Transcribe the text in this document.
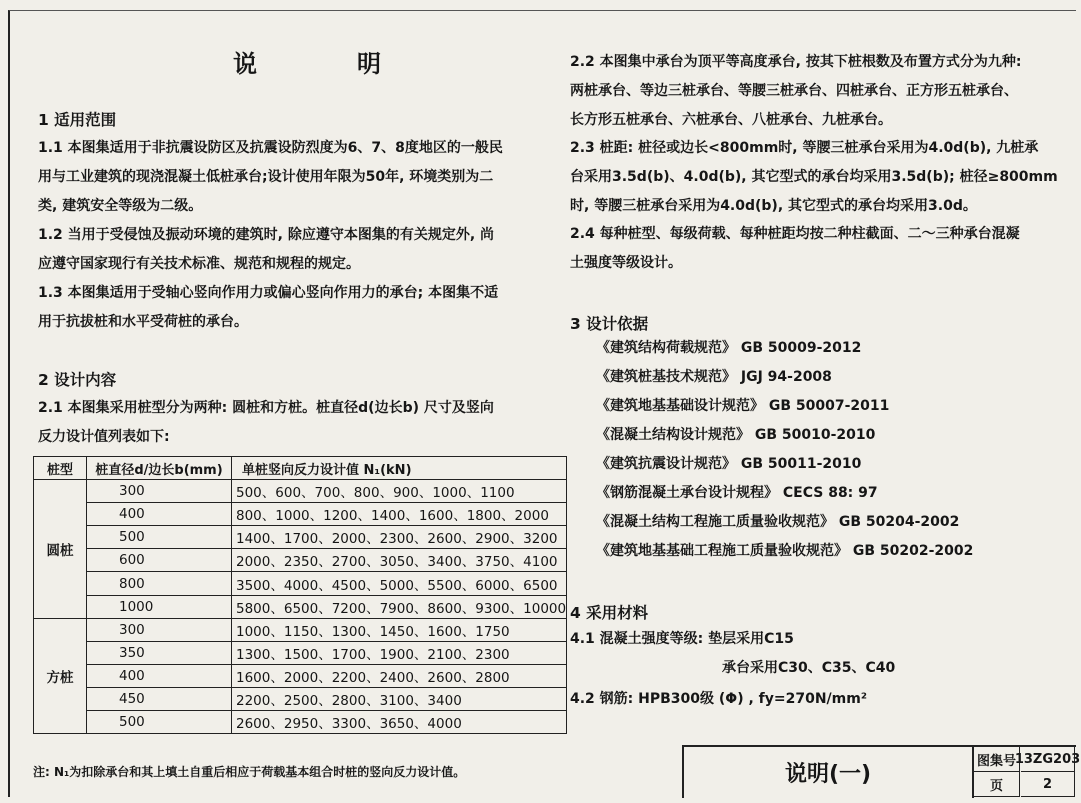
说　明
1 适用范围
1.1 本图集适用于非抗震设防区及抗震设防烈度为6、7、8度地区的一般民
用与工业建筑的现浇混凝土低桩承台;设计使用年限为50年, 环境类别为二
类, 建筑安全等级为二级。
1.2 当用于受侵蚀及振动环境的建筑时, 除应遵守本图集的有关规定外, 尚
应遵守国家现行有关技术标准、规范和规程的规定。
1.3 本图集适用于受轴心竖向作用力或偏心竖向作用力的承台; 本图集不适
用于抗拔桩和水平受荷桩的承台。
2 设计内容
2.1 本图集采用桩型分为两种: 圆桩和方桩。桩直径d(边长b) 尺寸及竖向
反力设计值列表如下:
桩型	桩直径d/边长b(mm)	单桩竖向反力设计值 N₁(kN)
圆桩	300	500、600、700、800、900、1000、1100
	400	800、1000、1200、1400、1600、1800、2000
	500	1400、1700、2000、2300、2600、2900、3200
	600	2000、2350、2700、3050、3400、3750、4100
	800	3500、4000、4500、5000、5500、6000、6500
	1000	5800、6500、7200、7900、8600、9300、10000
方桩	300	1000、1150、1300、1450、1600、1750
	350	1300、1500、1700、1900、2100、2300
	400	1600、2000、2200、2400、2600、2800
	450	2200、2500、2800、3100、3400
	500	2600、2950、3300、3650、4000
注: N₁为扣除承台和其上填土自重后相应于荷载基本组合时桩的竖向反力设计值。
2.2 本图集中承台为顶平等高度承台, 按其下桩根数及布置方式分为九种:
两桩承台、等边三桩承台、等腰三桩承台、四桩承台、正方形五桩承台、
长方形五桩承台、六桩承台、八桩承台、九桩承台。
2.3 桩距: 桩径或边长<800mm时, 等腰三桩承台采用为4.0d(b), 九桩承
台采用3.5d(b)、4.0d(b), 其它型式的承台均采用3.5d(b); 桩径≥800mm
时, 等腰三桩承台采用为4.0d(b), 其它型式的承台均采用3.0d。
2.4 每种桩型、每级荷载、每种桩距均按二种柱截面、二～三种承台混凝
土强度等级设计。
3 设计依据
《建筑结构荷载规范》 GB 50009-2012
《建筑桩基技术规范》 JGJ 94-2008
《建筑地基基础设计规范》 GB 50007-2011
《混凝土结构设计规范》 GB 50010-2010
《建筑抗震设计规范》 GB 50011-2010
《钢筋混凝土承台设计规程》 CECS 88: 97
《混凝土结构工程施工质量验收规范》 GB 50204-2002
《建筑地基基础工程施工质量验收规范》 GB 50202-2002
4 采用材料
4.1 混凝土强度等级: 垫层采用C15
承台采用C30、C35、C40
4.2 钢筋: HPB300级 (Φ) , fy=270N/mm²
说明(一)
图集号
13ZG203
页	2
